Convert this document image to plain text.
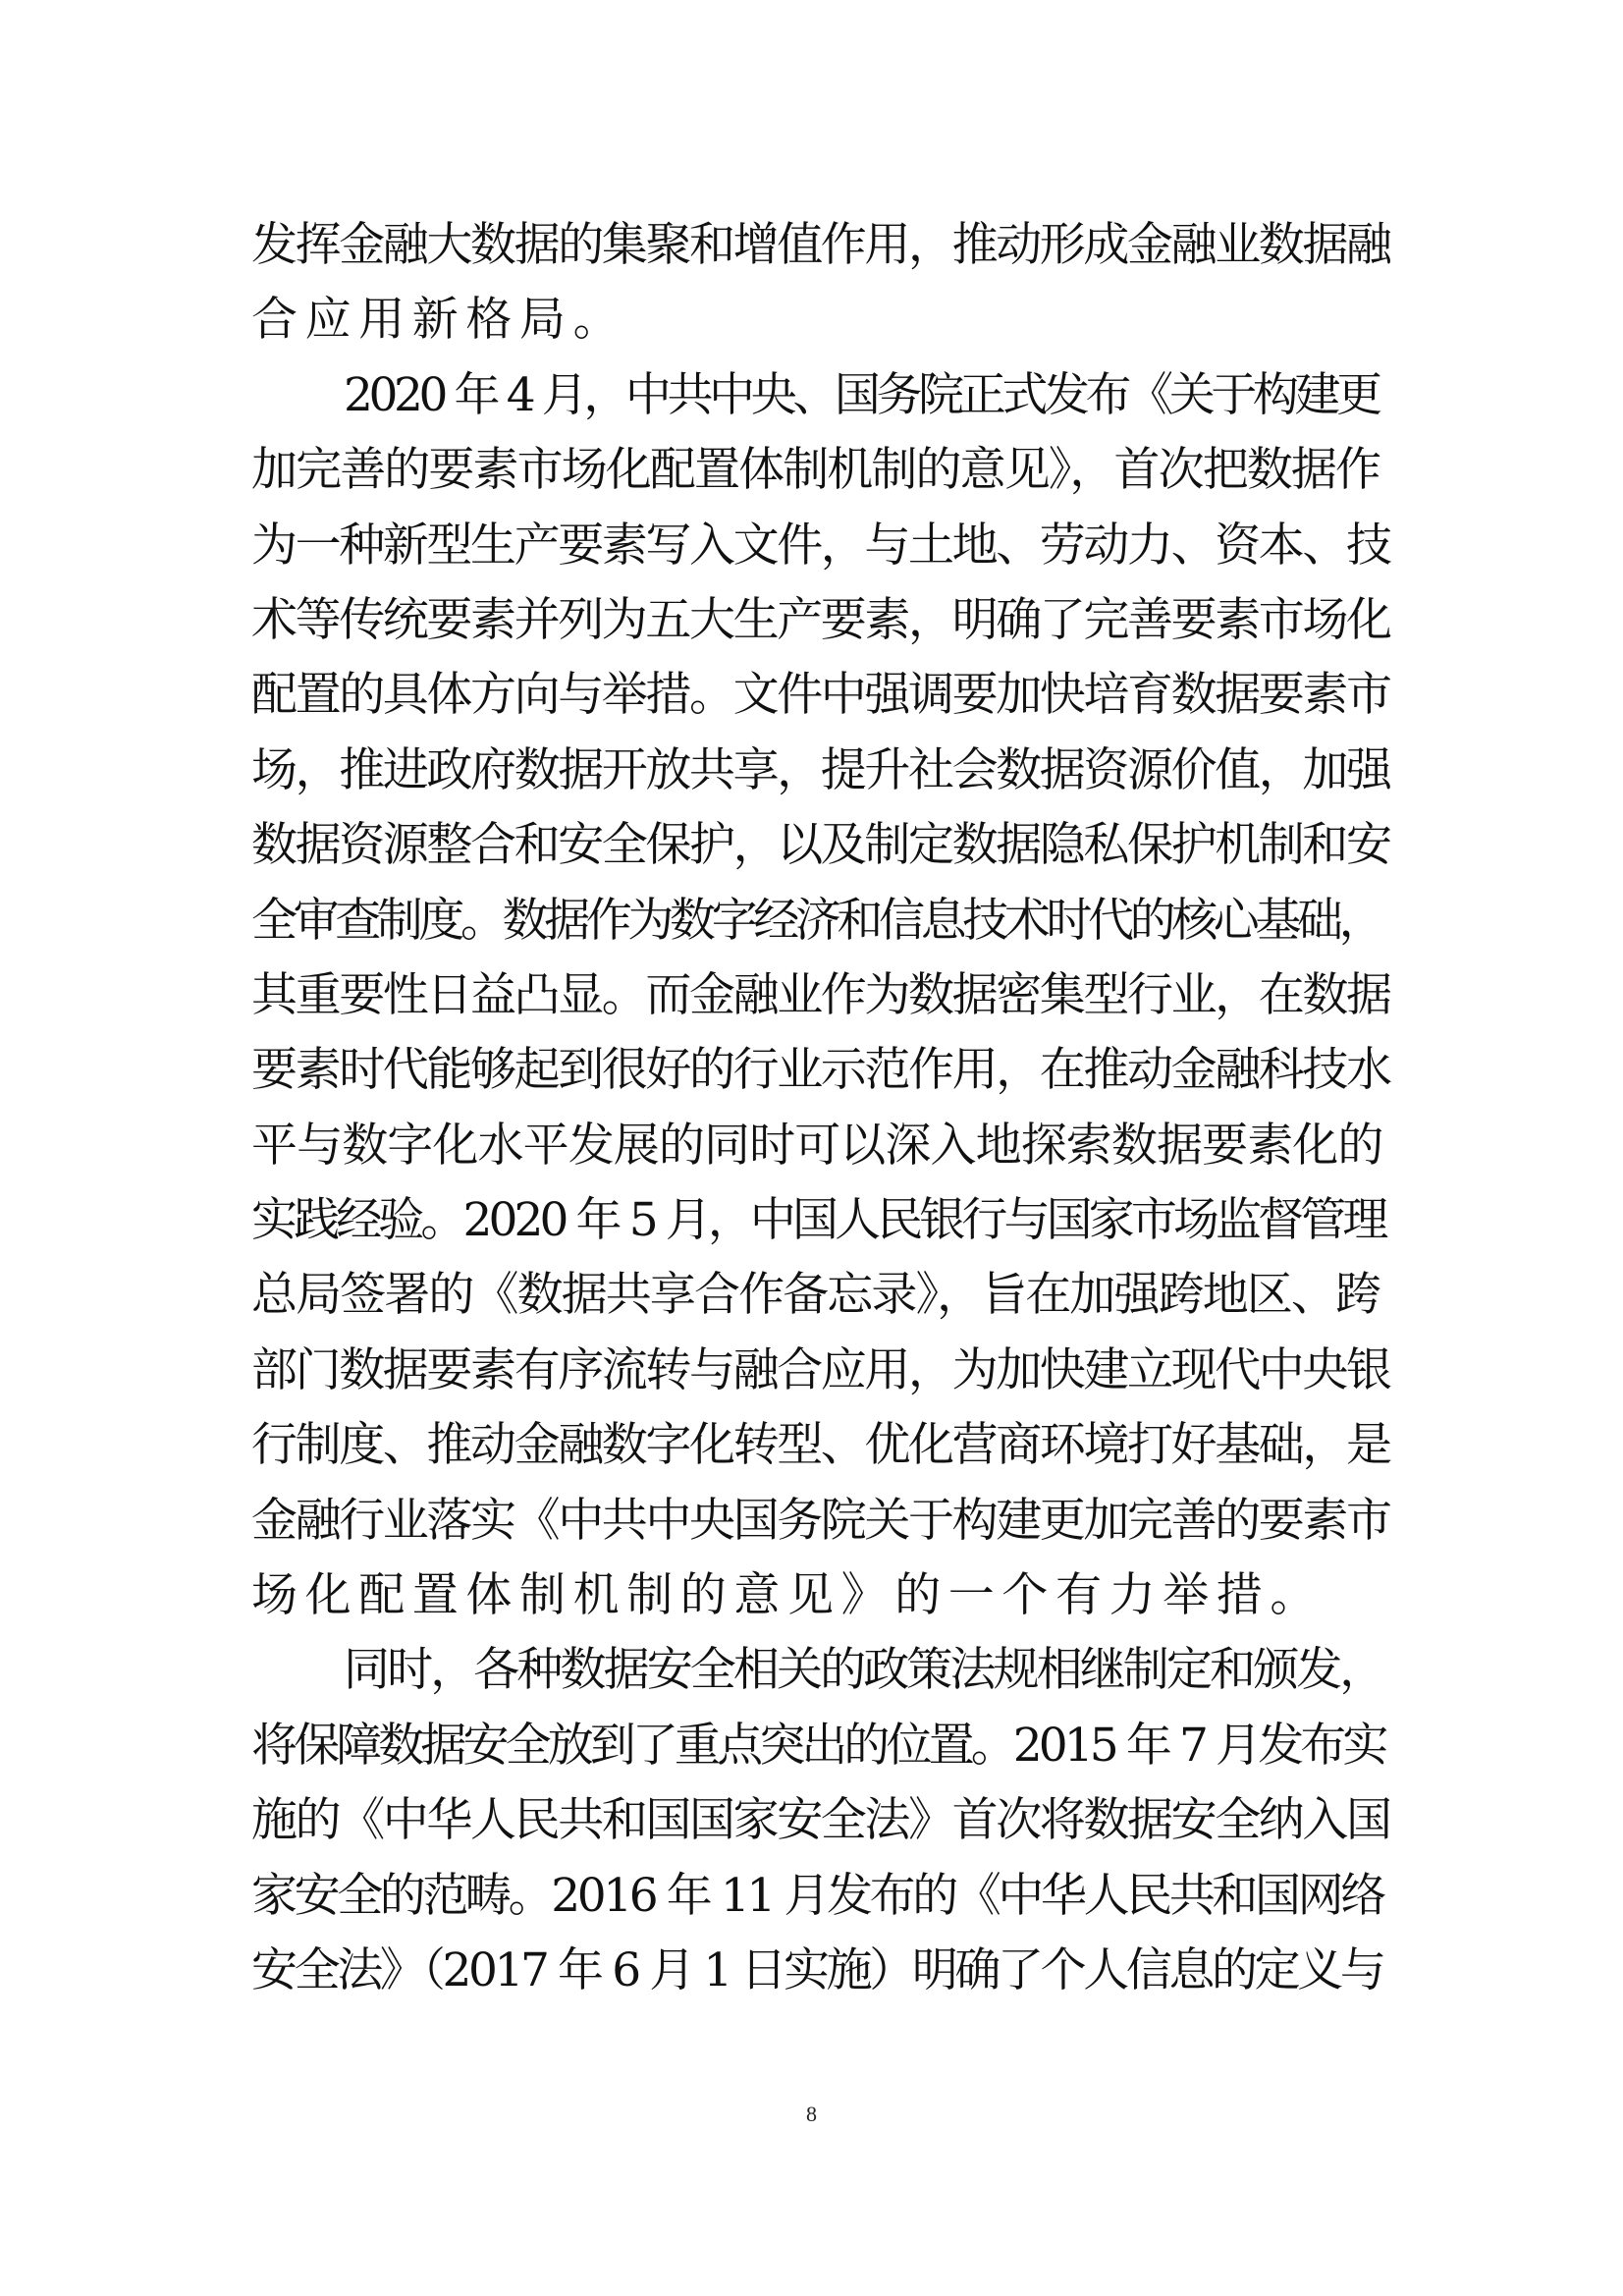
发挥金融大数据的集聚和增值作用，推动形成金融业数据融
合应用新格局。
2020 年 4 月，中共中央、国务院正式发布《关于构建更
加完善的要素市场化配置体制机制的意见》，首次把数据作
为一种新型生产要素写入文件，与土地、劳动力、资本、技
术等传统要素并列为五大生产要素，明确了完善要素市场化
配置的具体方向与举措。文件中强调要加快培育数据要素市
场，推进政府数据开放共享，提升社会数据资源价值，加强
数据资源整合和安全保护，以及制定数据隐私保护机制和安
全审查制度。数据作为数字经济和信息技术时代的核心基础，
其重要性日益凸显。而金融业作为数据密集型行业，在数据
要素时代能够起到很好的行业示范作用，在推动金融科技水
平与数字化水平发展的同时可以深入地探索数据要素化的
实践经验。2020 年 5 月，中国人民银行与国家市场监督管理
总局签署的《数据共享合作备忘录》，旨在加强跨地区、跨
部门数据要素有序流转与融合应用，为加快建立现代中央银
行制度、推动金融数字化转型、优化营商环境打好基础，是
金融行业落实《中共中央国务院关于构建更加完善的要素市
场化配置体制机制的意见》的一个有力举措。
同时，各种数据安全相关的政策法规相继制定和颁发，
将保障数据安全放到了重点突出的位置。2015 年 7 月发布实
施的《中华人民共和国国家安全法》首次将数据安全纳入国
家安全的范畴。2016 年 11 月发布的《中华人民共和国网络
安全法》（2017 年 6 月 1 日实施）明确了个人信息的定义与
8
